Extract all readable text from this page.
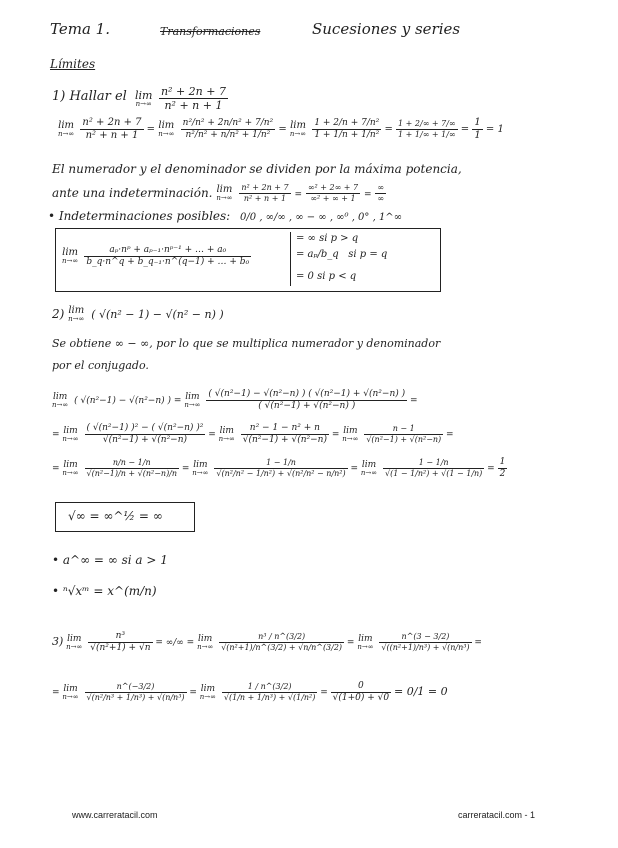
Tema 1.	Transformaciones	Sucesiones y series
Límites
1) Hallar el lim
n→∞
$\frac{\text{n² + 2n + 7}}{\text{n² + n + 1}}$
lim
n→∞
$\frac{\text{n² + 2n + 7}}{\text{n² + n + 1}} = \lim$
n→∞
$\frac{\text{n²/n² + 2n/n² + 7/n²}}{\text{n²/n² + n/n² + 1/n²}} = \lim$
n→∞
$\frac{\text{1 + 2/n + 7/n²}}{\text{1 + 1/n + 1/n²}} = \frac{1 + 2/\infty + 7/\infty}{1 + 1/\infty + 1/\infty} = \frac{1}{1} = 1$
El numerador y el denominador se dividen por la máxima potencia,
ante una indeterminación. lim
n→∞
$\frac{\text{n² + 2n + 7}}{\text{n² + n + 1}} = \frac{\text{∞² + 2∞ + 7}}{\text{∞² + ∞ + 1}}$ =
∞
∞
• Indeterminaciones posibles: 0/0 , ∞/∞ , ∞ − ∞ , ∞⁰ , 0° , 1^∞
lim
n→∞
$\frac{\text{aₚ·nᵖ + aₚ₋₁·nᵖ⁻¹ + … + a₀}}{\text{b\_q·n\textasciicircum{}q + b\_q₋₁·n\textasciicircum{}(q−1) + … + b₀}}$
= ∞ si p > q
= aₚ/b_q si p = q
= 0 si p < q
2) lim
n→∞ ( √(n² − 1) − √(n² − n) )
Se obtiene ∞ − ∞, por lo que se multiplica numerador y denominador
por el conjugado.
lim
n→∞ ( √(n²−1) − √(n²−n) ) = lim
n→∞
$\frac{\text{( √(n²−1) − √(n²−n) ) ( √(n²−1) + √(n²−n) )}}{\text{( √(n²−1) + √(n²−n) )}}$ =
= lim
n→∞
$\frac{\text{( √(n²−1) )² − ( √(n²−n) )²}}{\text{√(n²−1) + √(n²−n)}} = \lim$
n→∞
$\frac{\text{n² − 1 − n² + n}}{\text{√(n²−1) + √(n²−n)}} = \lim$
n→∞
$\frac{n - 1}{\text{√(n²−1) + √(n²−n)}}$ =
= lim
n→∞
$\frac{n/n - 1/n}{\text{√(n²−1)/n + √(n²−n)/n}} = \lim$
n→∞
$\frac{1 - 1/n}{\text{√(n²/n² − 1/n²) + √(n²/n² − n/n²)}} = \lim$
n→∞
$\frac{1 - 1/n}{\text{√(1 − 1/n²) + √(1 − 1/n)}} = \frac{1}{2}$
√∞ = ∞^½ = ∞
• a^∞ = ∞ si a > 1
• ⁿ√xᵐ = x^(m/n)
3) lim
n→∞
$\frac{\text{n³}}{\text{√(n²+1) + √n}}$ = ∞/∞ = lim
n→∞
$\frac{\text{n³ / n\textasciicircum{}(3/2)}}{\text{√(n²+1)/n\textasciicircum{}(3/2) + √n/n\textasciicircum{}(3/2)}} = \lim$
n→∞
$\frac{n\^{}(3 - 3/2)}{\text{√((n²+1)/n³) + √(n/n³)}}$ =
= lim
n→∞
$\frac{n\^{}(-3/2)}{\text{√(n²/n³ + 1/n³) + √(n/n³)}} = \lim$
n→∞
$\frac{1 / n\^{}(3/2)}{\text{√(1/n + 1/n³) + √(1/n²)}} = \frac{0}{√(1+0) + √0} = 0/1 = 0$
www.carreratacil.com	carreratacil.com - 1
